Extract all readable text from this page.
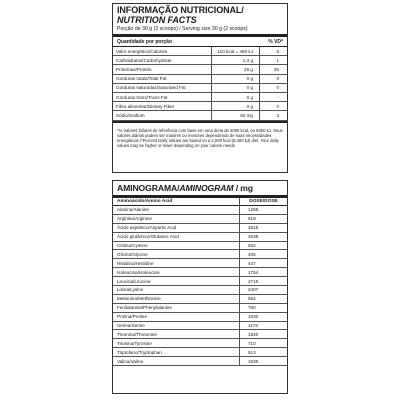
INFORMAÇÃO NUTRICIONAL/
NUTRITION FACTS
Porção de 30 g (2 scoops) / Serving size 30 g (2 scoops)
Quantidade por porção		% VD*
Valor energético/Calories	110 kcal = 460 kJ	6
Carboidratos/Carbohydrate	1,4 g	1
Proteínas/Protein	26 g	35
Gorduras totais/Total Fat	0 g	0
Gorduras saturadas/Saturated Fat	0 g	0
Gorduras trans/Trans Fat	0 g	-
Fibra alimentar/Dietary Fiber	0 g	0
Sódio/Sodium	82 mg	3
*% Valores Diários de referência com base em uma dieta de 2000 kcal, ou 8400 kJ. Seus valores diários podem ser maiores ou menores dependendo de suas necessidades energéticas./*Percent Daily Values are based on a 2,000 kcal (8,400 kJ) diet. Your daily values may be higher or lower depending on your calorie needs.
AMINOGRAMA/AMINOGRAM / mg
Aminoácido/Amino Acid	DOSE/DOSE
Alanina/Alanine	1266
Arginina/Arginine	519
Ácido aspártico/Aspartic Acid	2815
Ácido glutâmico/Glutamic Acid	4538
Cistina/Cystine	552
Glicina/Glycine	405
Histidina/Histidine	447
Isoleucina/Isoleucine	1754
Leucina/Leucine	2716
Lisina/Lysine	2407
Metionina/Methionine	554
Fenilalanina/Phenylalanine	760
Prolina/Proline	1530
Serina/Serine	1176
Treonina/Threonine	1840
Tirosina/Tyrosine	710
Triptofano/Tryptophan	513
Valina/Valine	1536
